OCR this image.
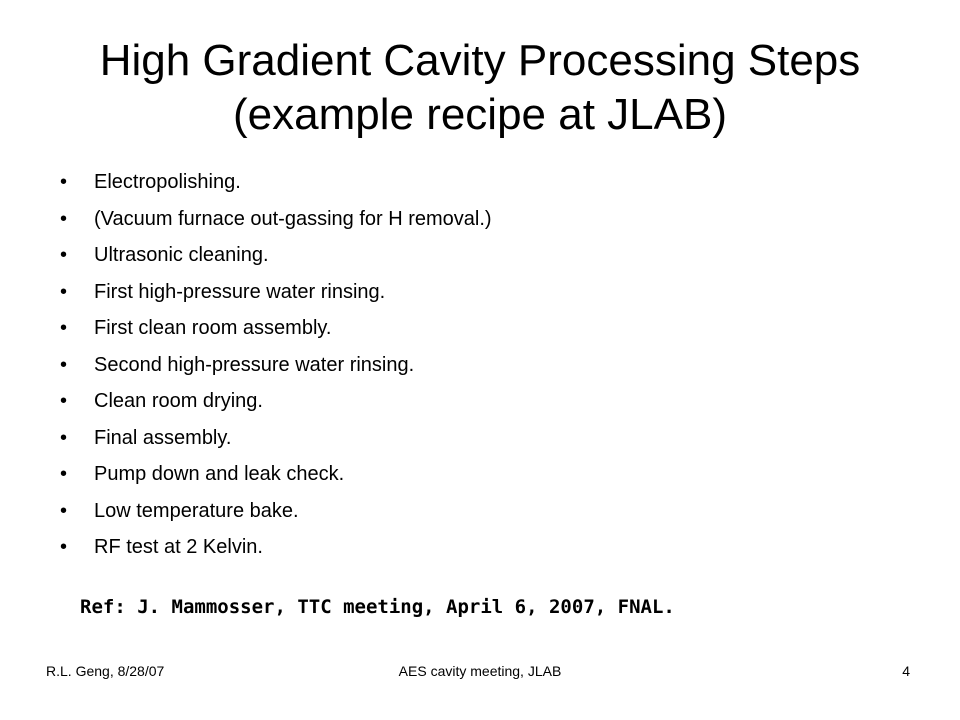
High Gradient Cavity Processing Steps
(example recipe at JLAB)
• Electropolishing.
• (Vacuum furnace out-gassing for H removal.)
• Ultrasonic cleaning.
• First high-pressure water rinsing.
• First clean room assembly.
• Second high-pressure water rinsing.
• Clean room drying.
• Final assembly.
• Pump down and leak check.
• Low temperature bake.
• RF test at 2 Kelvin.
Ref: J. Mammosser, TTC meeting, April 6, 2007, FNAL.
R.L. Geng, 8/28/07	AES cavity meeting, JLAB	4
